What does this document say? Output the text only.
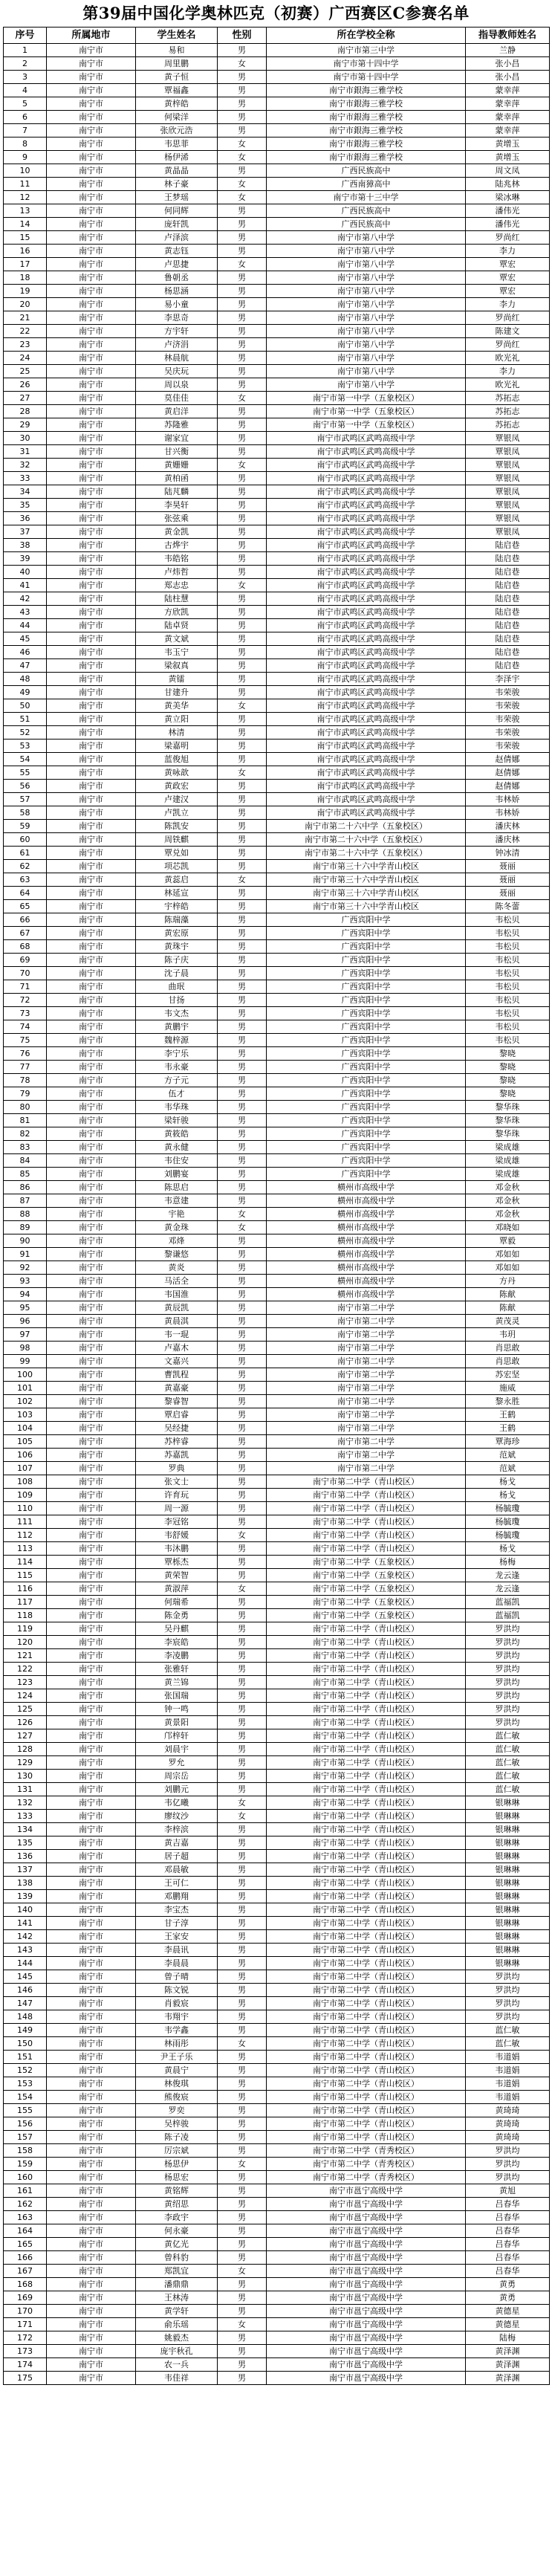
第39届中国化学奥林匹克（初赛）广西赛区C参赛名单
序号	所属地市	学生姓名	性别	所在学校全称	指导教师姓名
1	南宁市	易和	男	南宁市第三中学	兰静
2	南宁市	周里鹏	女	南宁市第十四中学	张小昌
3	南宁市	黄子恒	男	南宁市第十四中学	张小昌
4	南宁市	覃福鑫	男	南宁市銀海三雅学校	蒙幸萍
5	南宁市	黄梓皓	男	南宁市銀海三雅学校	蒙幸萍
6	南宁市	何梁洋	男	南宁市銀海三雅学校	蒙幸萍
7	南宁市	张欣元浩	男	南宁市銀海三雅学校	蒙幸萍
8	南宁市	韦思菲	女	南宁市銀海三雅学校	黄增玉
9	南宁市	杨伊浠	女	南宁市銀海三雅学校	黄增玉
10	南宁市	黄晶晶	男	广西民族高中	周文凤
11	南宁市	林子豪	女	广西南獐高中	陆兆林
12	南宁市	王梦瑶	女	南宁市第十三中学	梁冰琳
13	南宁市	何同辉	男	广西民族高中	潘伟光
14	南宁市	庞轩凯	男	广西民族高中	潘伟光
15	南宁市	卢泽滨	男	南宁市第八中学	罗尚红
16	南宁市	黄志钰	男	南宁市第八中学	李力
17	南宁市	卢思捷	女	南宁市第八中学	覃宏
18	南宁市	鲁朝丞	男	南宁市第八中学	覃宏
19	南宁市	杨思涵	男	南宁市第八中学	覃宏
20	南宁市	易小童	男	南宁市第八中学	李力
21	南宁市	李思奇	男	南宁市第八中学	罗尚红
22	南宁市	方宇轩	男	南宁市第八中学	陈建文
23	南宁市	卢济涓	男	南宁市第八中学	罗尚红
24	南宁市	林晨航	男	南宁市第八中学	欧光礼
25	南宁市	吴庆玩	男	南宁市第八中学	李力
26	南宁市	周以泉	男	南宁市第八中学	欧光礼
27	南宁市	莫佳佳	女	南宁市第一中学（五象校区）	苏拓志
28	南宁市	黄启洋	男	南宁市第一中学（五象校区）	苏拓志
29	南宁市	苏隆雅	男	南宁市第一中学（五象校区）	苏拓志
30	南宁市	谢家宜	男	南宁市武鸣区武鸣高级中学	覃银凤
31	南宁市	甘兴衡	男	南宁市武鸣区武鸣高级中学	覃银凤
32	南宁市	黄姗姗	女	南宁市武鸣区武鸣高级中学	覃银凤
33	南宁市	黄柏函	男	南宁市武鸣区武鸣高级中学	覃银凤
34	南宁市	陆芃麟	男	南宁市武鸣区武鸣高级中学	覃银凤
35	南宁市	李昊轩	男	南宁市武鸣区武鸣高级中学	覃银凤
36	南宁市	张弦乘	男	南宁市武鸣区武鸣高级中学	覃银凤
37	南宁市	黄金凯	男	南宁市武鸣区武鸣高级中学	覃银凤
38	南宁市	古烨宇	男	南宁市武鸣区武鸣高级中学	陆启巷
39	南宁市	韦皓铭	男	南宁市武鸣区武鸣高级中学	陆启巷
40	南宁市	卢炜哲	男	南宁市武鸣区武鸣高级中学	陆启巷
41	南宁市	郑志忠	女	南宁市武鸣区武鸣高级中学	陆启巷
42	南宁市	陆柱慧	男	南宁市武鸣区武鸣高级中学	陆启巷
43	南宁市	方欣凯	男	南宁市武鸣区武鸣高级中学	陆启巷
44	南宁市	陆卓贤	男	南宁市武鸣区武鸣高级中学	陆启巷
45	南宁市	黄文斌	男	南宁市武鸣区武鸣高级中学	陆启巷
46	南宁市	韦玉宁	男	南宁市武鸣区武鸣高级中学	陆启巷
47	南宁市	梁叙真	男	南宁市武鸣区武鸣高级中学	陆启巷
48	南宁市	黄镭	男	南宁市武鸣区武鸣高级中学	李泽宇
49	南宁市	甘建升	男	南宁市武鸣区武鸣高级中学	韦荣骏
50	南宁市	黄美华	女	南宁市武鸣区武鸣高级中学	韦荣骏
51	南宁市	黄立阳	男	南宁市武鸣区武鸣高级中学	韦荣骏
52	南宁市	林清	男	南宁市武鸣区武鸣高级中学	韦荣骏
53	南宁市	梁嘉明	男	南宁市武鸣区武鸣高级中学	韦荣骏
54	南宁市	蓝俊旭	男	南宁市武鸣区武鸣高级中学	赵倩娜
55	南宁市	黄咏歆	女	南宁市武鸣区武鸣高级中学	赵倩娜
56	南宁市	黄政宏	男	南宁市武鸣区武鸣高级中学	赵倩娜
57	南宁市	卢建汉	男	南宁市武鸣区武鸣高级中学	韦林娇
58	南宁市	卢凯立	男	南宁市武鸣区武鸣高级中学	韦林娇
59	南宁市	陈凯安	男	南宁市第二十六中学（五象校区）	潘庆林
60	南宁市	周铁麒	男	南宁市第二十六中学（五象校区）	潘庆林
61	南宁市	覃兑如	男	南宁市第二十六中学（五象校区）	钟冰清
62	南宁市	项芯凯	男	南宁市第三十六中学青山校区	聂丽
63	南宁市	黄蕊启	女	南宁市第三十六中学青山校区	聂丽
64	南宁市	林延宣	男	南宁市第三十六中学青山校区	聂丽
65	南宁市	宇梓皓	男	南宁市第三十六中学青山校区	陈冬蕾
66	南宁市	陈瑞藻	男	广西宾阳中学	韦松贝
67	南宁市	黄宏原	男	广西宾阳中学	韦松贝
68	南宁市	黄珠宇	男	广西宾阳中学	韦松贝
69	南宁市	陈子庆	男	广西宾阳中学	韦松贝
70	南宁市	沈子晨	男	广西宾阳中学	韦松贝
71	南宁市	曲珉	男	广西宾阳中学	韦松贝
72	南宁市	甘扬	男	广西宾阳中学	韦松贝
73	南宁市	韦文杰	男	广西宾阳中学	韦松贝
74	南宁市	黄鹏宇	男	广西宾阳中学	韦松贝
75	南宁市	魏梓源	男	广西宾阳中学	韦松贝
76	南宁市	李宁乐	男	广西宾阳中学	黎晓
77	南宁市	韦永豪	男	广西宾阳中学	黎晓
78	南宁市	方子元	男	广西宾阳中学	黎晓
79	南宁市	伍才	男	广西宾阳中学	黎晓
80	南宁市	韦华珠	男	广西宾阳中学	黎华珠
81	南宁市	梁轩骏	男	广西宾阳中学	黎华珠
82	南宁市	黄筱皓	男	广西宾阳中学	黎华珠
83	南宁市	黄永健	男	广西宾阳中学	梁成雄
84	南宁市	韦住安	男	广西宾阳中学	梁成雄
85	南宁市	刘鹏宴	男	广西宾阳中学	梁成雄
86	南宁市	陈思启	男	横州市高级中学	邓金秋
87	南宁市	韦意建	男	横州市高级中学	邓金秋
88	南宁市	宇艳	女	横州市高级中学	邓金秋
89	南宁市	黄金珠	女	横州市高级中学	邓晓如
90	南宁市	邓烽	男	横州市高级中学	覃毅
91	南宁市	黎谦悠	男	横州市高级中学	邓如如
92	南宁市	黄炎	男	横州市高级中学	邓如如
93	南宁市	马活全	男	横州市高级中学	方丹
94	南宁市	韦国淮	男	横州市高级中学	陈献
95	南宁市	黄辰凯	男	南宁市第二中学	陈献
96	南宁市	黄晨淇	男	南宁市第二中学	黄茂灵
97	南宁市	韦一琨	男	南宁市第二中学	韦玥
98	南宁市	卢嘉木	男	南宁市第二中学	肖思敢
99	南宁市	文嘉兴	男	南宁市第二中学	肖思敢
100	南宁市	曹凯程	男	南宁市第二中学	苏宏坚
101	南宁市	黄嘉豪	男	南宁市第二中学	施威
102	南宁市	黎睿智	男	南宁市第二中学	黎永胜
103	南宁市	覃启睿	男	南宁市第二中学	王鹤
104	南宁市	吴经捷	男	南宁市第二中学	王鹤
105	南宁市	苏梓睿	男	南宁市第二中学	覃海珍
106	南宁市	苏嘉凯	男	南宁市第二中学	范斌
107	南宁市	罗典	男	南宁市第二中学	范斌
108	南宁市	张文士	男	南宁市第二中学（青山校区）	杨戈
109	南宁市	许育玩	男	南宁市第二中学（青山校区）	杨戈
110	南宁市	周一源	男	南宁市第二中学（青山校区）	杨毓瓊
111	南宁市	李冠铭	男	南宁市第二中学（青山校区）	杨毓瓊
112	南宁市	韦舒媛	女	南宁市第二中学（青山校区）	杨毓瓊
113	南宁市	韦沐鹏	男	南宁市第二中学（青山校区）	杨戈
114	南宁市	覃栎杰	男	南宁市第二中学（五象校区）	杨梅
115	南宁市	黄荣智	男	南宁市第二中学（五象校区）	龙云逢
116	南宁市	黄淑萍	女	南宁市第二中学（五象校区）	龙云逢
117	南宁市	何瑞希	男	南宁市第二中学（五象校区）	蓝福凯
118	南宁市	陈金勇	男	南宁市第二中学（五象校区）	蓝福凯
119	南宁市	吴丹麒	男	南宁市第二中学（青山校区）	罗洪均
120	南宁市	李宸皓	男	南宁市第二中学（青山校区）	罗洪均
121	南宁市	李凌鹏	男	南宁市第二中学（青山校区）	罗洪均
122	南宁市	张雅轩	男	南宁市第二中学（青山校区）	罗洪均
123	南宁市	黄兰锦	男	南宁市第二中学（青山校区）	罗洪均
124	南宁市	张国瑞	男	南宁市第二中学（青山校区）	罗洪均
125	南宁市	钟一鸣	男	南宁市第二中学（青山校区）	罗洪均
126	南宁市	黄景阳	男	南宁市第二中学（青山校区）	罗洪均
127	南宁市	邝梓轩	男	南宁市第二中学（青山校区）	蓝仁敏
128	南宁市	刘晨宇	男	南宁市第二中学（青山校区）	蓝仁敏
129	南宁市	罗允	男	南宁市第二中学（青山校区）	蓝仁敏
130	南宁市	周宗岳	男	南宁市第二中学（青山校区）	蓝仁敏
131	南宁市	刘鹏元	男	南宁市第二中学（青山校区）	蓝仁敏
132	南宁市	韦亿曦	女	南宁市第二中学（青山校区）	银琳琳
133	南宁市	廖纹沙	女	南宁市第二中学（青山校区）	银琳琳
134	南宁市	李梓滨	男	南宁市第二中学（青山校区）	银琳琳
135	南宁市	黄吉嘉	男	南宁市第二中学（青山校区）	银琳琳
136	南宁市	居子超	男	南宁市第二中学（青山校区）	银琳琳
137	南宁市	邓晨敏	男	南宁市第二中学（青山校区）	银琳琳
138	南宁市	王可仁	男	南宁市第二中学（青山校区）	银琳琳
139	南宁市	邓鹏翔	男	南宁市第二中学（青山校区）	银琳琳
140	南宁市	李宝杰	男	南宁市第二中学（青山校区）	银琳琳
141	南宁市	甘子淳	男	南宁市第二中学（青山校区）	银琳琳
142	南宁市	王家安	男	南宁市第二中学（青山校区）	银琳琳
143	南宁市	李晨讯	男	南宁市第二中学（青山校区）	银琳琳
144	南宁市	李晨晨	男	南宁市第二中学（青山校区）	银琳琳
145	南宁市	曾子晴	男	南宁市第二中学（青山校区）	罗洪均
146	南宁市	陈文锐	男	南宁市第二中学（青山校区）	罗洪均
147	南宁市	肖毅宸	男	南宁市第二中学（青山校区）	罗洪均
148	南宁市	韦翔宇	男	南宁市第二中学（青山校区）	罗洪均
149	南宁市	韦学鑫	男	南宁市第二中学（青山校区）	蓝仁敏
150	南宁市	林雨彤	女	南宁市第二中学（青山校区）	蓝仁敏
151	南宁市	尹王子乐	男	南宁市第二中学（青山校区）	韦道娟
152	南宁市	黄晨宁	男	南宁市第二中学（青山校区）	韦道娟
153	南宁市	林俊琪	男	南宁市第二中学（青山校区）	韦道娟
154	南宁市	熊俊宸	男	南宁市第二中学（青山校区）	韦道娟
155	南宁市	罗奕	男	南宁市第二中学（青山校区）	黄琦琦
156	南宁市	吴梓骏	男	南宁市第二中学（青山校区）	黄琦琦
157	南宁市	陈子凌	男	南宁市第二中学（青山校区）	黄琦琦
158	南宁市	厉宗斌	男	南宁市第二中学（青秀校区）	罗洪均
159	南宁市	杨思伊	女	南宁市第二中学（青秀校区）	罗洪均
160	南宁市	杨思宏	男	南宁市第二中学（青秀校区）	罗洪均
161	南宁市	黄铭辉	男	南宁市邕宁高级中学	黄旭
162	南宁市	黄绍思	男	南宁市邕宁高级中学	吕春华
163	南宁市	李政宇	男	南宁市邕宁高级中学	吕春华
164	南宁市	何永豪	男	南宁市邕宁高级中学	吕春华
165	南宁市	黄亿光	男	南宁市邕宁高级中学	吕春华
166	南宁市	曾科豹	男	南宁市邕宁高级中学	吕春华
167	南宁市	郑凯宜	女	南宁市邕宁高级中学	吕春华
168	南宁市	潘鼎鼎	男	南宁市邕宁高级中学	黄勇
169	南宁市	王林涛	男	南宁市邕宁高级中学	黄勇
170	南宁市	黄学轩	男	南宁市邕宁高级中学	黄德星
171	南宁市	俞乐瑶	女	南宁市邕宁高级中学	黄德星
172	南宁市	姚毅杰	男	南宁市邕宁高级中学	陆梅
173	南宁市	庞宇秋孔	男	南宁市邕宁高级中学	黄泽渊
174	南宁市	农一兵	男	南宁市邕宁高级中学	黄泽渊
175	南宁市	韦佳祥	男	南宁市邕宁高级中学	黄泽渊
